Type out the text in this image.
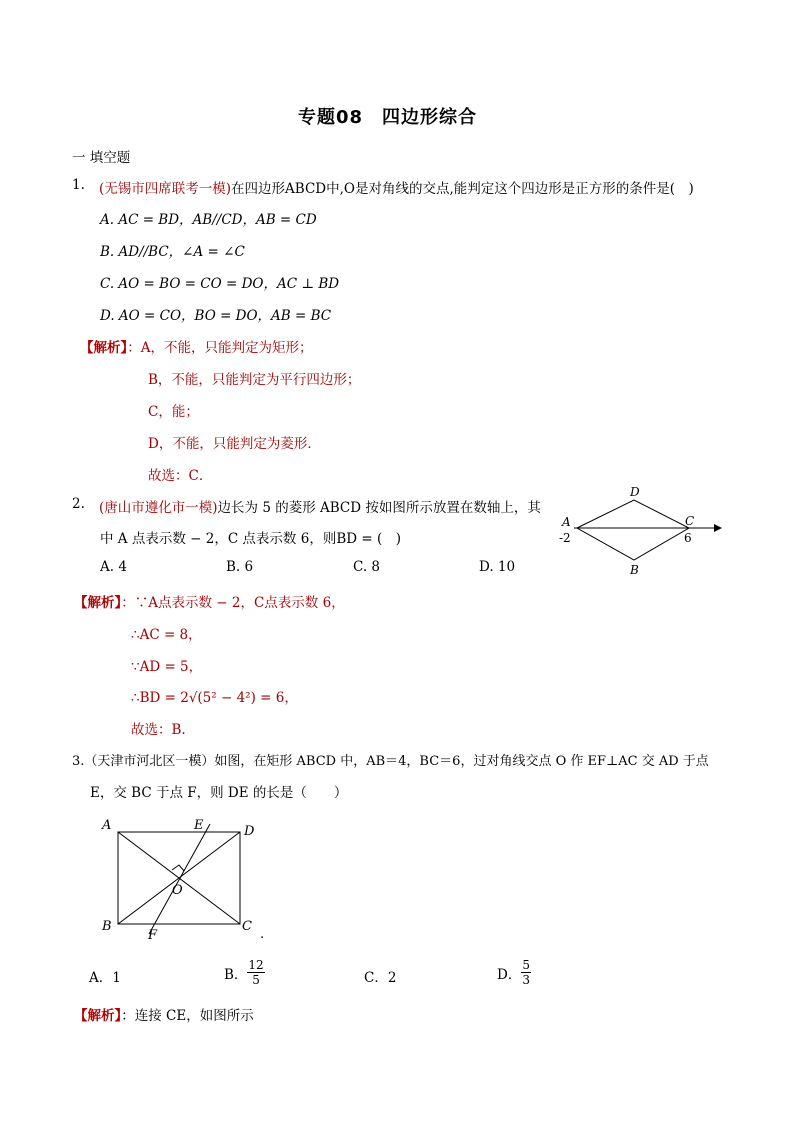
专题08　四边形综合
一 填空题
1. (无锡市四席联考一模)在四边形ABCD中,O是对角线的交点,能判定这个四边形是正方形的条件是(　)
A. AC = BD，AB//CD，AB = CD
B. AD//BC，∠A = ∠C
C. AO = BO = CO = DO，AC ⊥ BD
D. AO = CO，BO = DO，AB = BC
【解析】：A，不能，只能判定为矩形；
B，不能，只能判定为平行四边形；
C，能；
D，不能，只能判定为菱形．
故选：C．
2. (唐山市遵化市一模)边长为 5 的菱形 ABCD 按如图所示放置在数轴上，其
中 A 点表示数 − 2，C 点表示数 6，则BD = (　)
A. 4	B. 6	C. 8	D. 10
D
A	C
B
-2	6
【解析】：∵A点表示数 − 2，C点表示数 6，
∴AC = 8，
∵AD = 5，
∴BD = 2√(5² − 4²) = 6，
故选：B.
3.（天津市河北区一模）如图，在矩形 ABCD 中，AB＝4，BC＝6，过对角线交点 O 作 EF⊥AC 交 AD 于点
E，交 BC 于点 F，则 DE 的长是（　　）
A	E	D
O
B
F
C
.
A．1	B． $\frac{12}{5}$	C．2	D． $\frac{5}{3}$
【解析】：连接 CE，如图所示
